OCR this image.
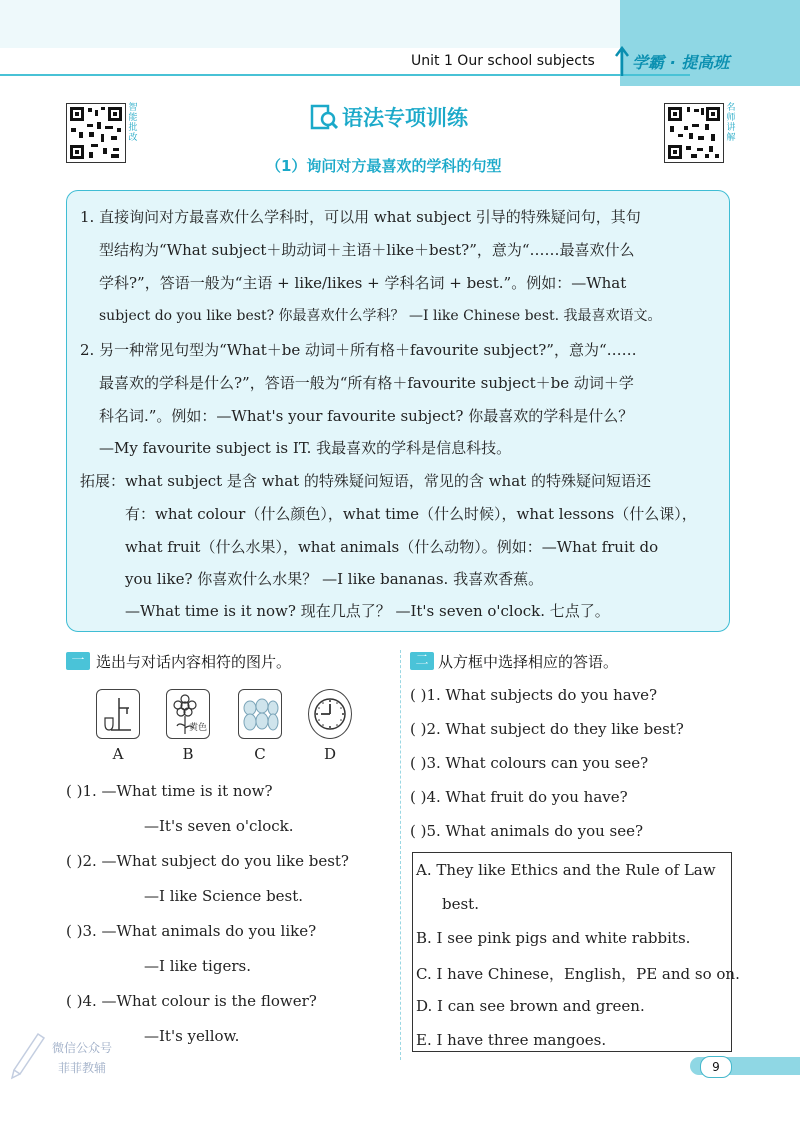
Unit 1 Our school subjects 学霸 · 提高班
智能批改
名师讲解
语法专项训练
（1）询问对方最喜欢的学科的句型
1. 直接询问对方最喜欢什么学科时，可以用 what subject 引导的特殊疑问句，其句
型结构为“What subject＋助动词＋主语＋like＋best?”，意为“……最喜欢什么
学科?”，答语一般为“主语 + like/likes + 学科名词 + best.”。例如：—What
subject do you like best? 你最喜欢什么学科？ —I like Chinese best. 我最喜欢语文。
2. 另一种常见句型为“What＋be 动词＋所有格＋favourite subject?”，意为“……
最喜欢的学科是什么?”，答语一般为“所有格＋favourite subject＋be 动词＋学
科名词.”。例如：—What's your favourite subject? 你最喜欢的学科是什么？
—My favourite subject is IT. 我最喜欢的学科是信息科技。
拓展：what subject 是含 what 的特殊疑问短语，常见的含 what 的特殊疑问短语还
有：what colour（什么颜色），what time（什么时候），what lessons（什么课），
what fruit（什么水果），what animals（什么动物）。例如：—What fruit do
you like? 你喜欢什么水果？ —I like bananas. 我喜欢香蕉。
—What time is it now? 现在几点了？ —It's seven o'clock. 七点了。
一 选出与对话内容相符的图片。
黄色
A	B	C	D
( )1. —What time is it now?
—It's seven o'clock.
( )2. —What subject do you like best?
—I like Science best.
( )3. —What animals do you like?
—I like tigers.
( )4. —What colour is the flower?
—It's yellow.
二 从方框中选择相应的答语。
( )1. What subjects do you have?
( )2. What subject do they like best?
( )3. What colours can you see?
( )4. What fruit do you have?
( )5. What animals do you see?
A. They like Ethics and the Rule of Law
best.
B. I see pink pigs and white rabbits.
C. I have Chinese，English，PE and so on.
D. I can see brown and green.
E. I have three mangoes.
微信公众号
菲菲教辅	9
